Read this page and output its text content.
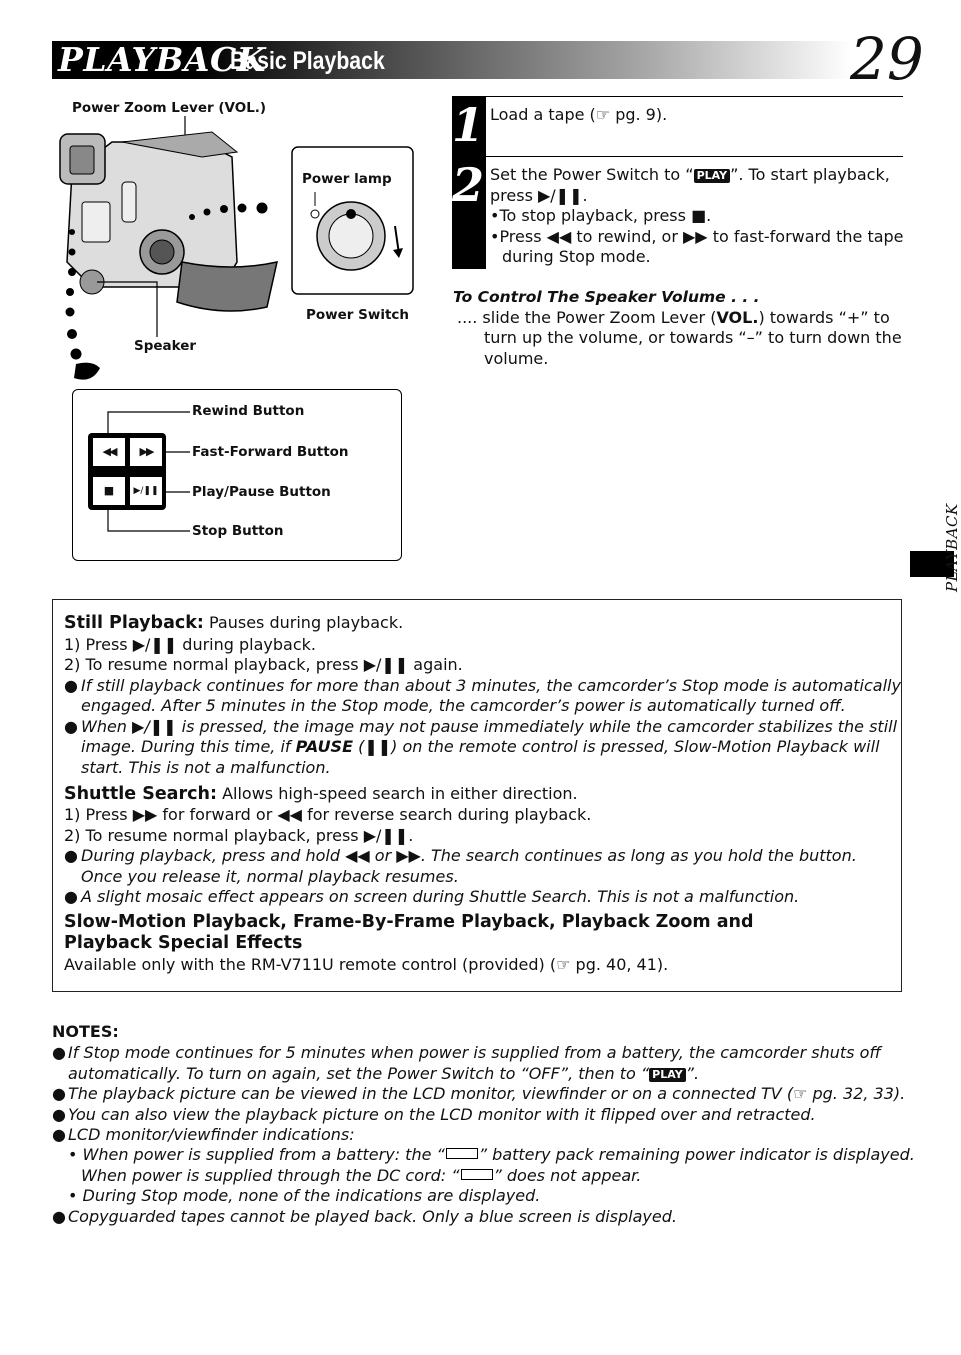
PLAYBACK
Basic Playback	29
Power Zoom Lever (VOL.)
Speaker
Power lamp
Power Switch
◀◀	▶▶
■	▶/❚❚
Rewind Button
Fast-Forward Button
Play/Pause Button
Stop Button
1
2
Load a tape (☞ pg. 9).
Set the Power Switch to “ PLAY ”. To start playback,
press ▶/❚❚.
•To stop playback, press ■.
•Press ◀◀ to rewind, or ▶▶ to fast-forward the tape
during Stop mode.
To Control The Speaker Volume . . .
.... slide the Power Zoom Lever (VOL.) towards “+” to
turn up the volume, or towards “–” to turn down the
volume.
Still Playback: Pauses during playback.
1) Press ▶/❚❚ during playback.
2) To resume normal playback, press ▶/❚❚ again.
● If still playback continues for more than about 3 minutes, the camcorder’s Stop mode is automatically
engaged. After 5 minutes in the Stop mode, the camcorder’s power is automatically turned off.
● When ▶/❚❚ is pressed, the image may not pause immediately while the camcorder stabilizes the still
image. During this time, if PAUSE (❚❚) on the remote control is pressed, Slow-Motion Playback will
start. This is not a malfunction.
Shuttle Search: Allows high-speed search in either direction.
1) Press ▶▶ for forward or ◀◀ for reverse search during playback.
2) To resume normal playback, press ▶/❚❚.
● During playback, press and hold ◀◀ or ▶▶. The search continues as long as you hold the button.
Once you release it, normal playback resumes.
● A slight mosaic effect appears on screen during Shuttle Search. This is not a malfunction.
Slow-Motion Playback, Frame-By-Frame Playback, Playback Zoom and
Playback Special Effects
Available only with the RM-V711U remote control (provided) (☞ pg. 40, 41).
NOTES:
● If Stop mode continues for 5 minutes when power is supplied from a battery, the camcorder shuts off
automatically. To turn on again, set the Power Switch to “OFF”, then to “ PLAY ”.
● The playback picture can be viewed in the LCD monitor, viewfinder or on a connected TV (☞ pg. 32, 33).
● You can also view the playback picture on the LCD monitor with it flipped over and retracted.
● LCD monitor/viewfinder indications:
• When power is supplied from a battery: the “ ” battery pack remaining power indicator is displayed.
When power is supplied through the DC cord: “ ” does not appear.
• During Stop mode, none of the indications are displayed.
● Copyguarded tapes cannot be played back. Only a blue screen is displayed.
PLAYBACK
